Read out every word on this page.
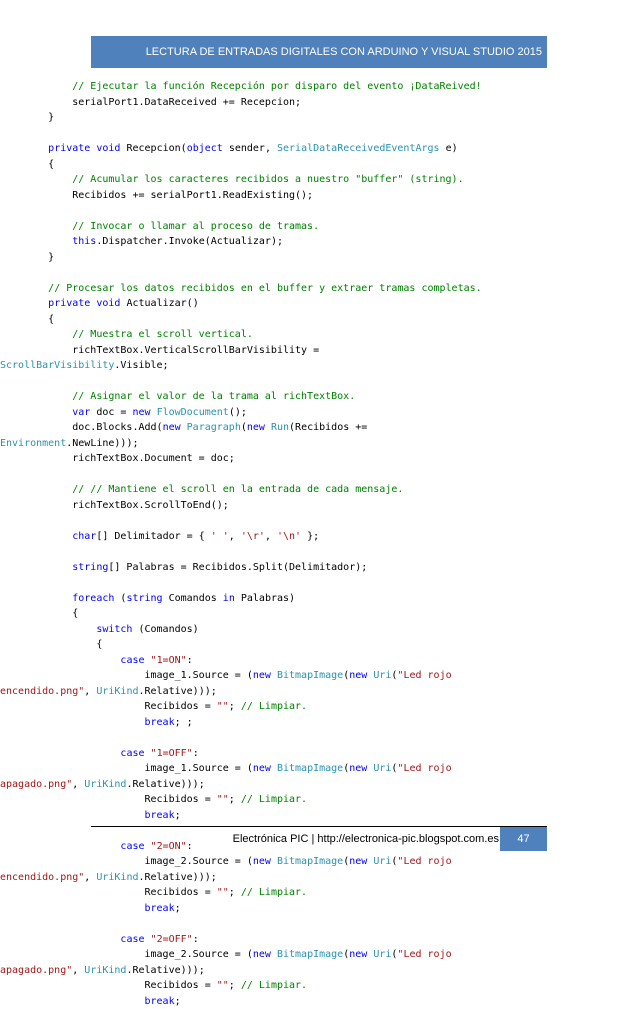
LECTURA DE ENTRADAS DIGITALES CON ARDUINO Y VISUAL STUDIO 2015
// Ejecutar la función Recepción por disparo del evento ¡DataReived!
serialPort1.DataReceived += Recepcion;
}
private void Recepcion(object sender, SerialDataReceivedEventArgs e)
{
// Acumular los caracteres recibidos a nuestro "buffer" (string).
Recibidos += serialPort1.ReadExisting();
// Invocar o llamar al proceso de tramas.
this.Dispatcher.Invoke(Actualizar);
}
// Procesar los datos recibidos en el buffer y extraer tramas completas.
private void Actualizar()
{
// Muestra el scroll vertical.
richTextBox.VerticalScrollBarVisibility =
ScrollBarVisibility.Visible;
// Asignar el valor de la trama al richTextBox.
var doc = new FlowDocument();
doc.Blocks.Add(new Paragraph(new Run(Recibidos +=
Environment.NewLine)));
richTextBox.Document = doc;
// // Mantiene el scroll en la entrada de cada mensaje.
richTextBox.ScrollToEnd();
char[] Delimitador = { ' ', '\r', '\n' };
string[] Palabras = Recibidos.Split(Delimitador);
foreach (string Comandos in Palabras)
{
switch (Comandos)
{
case "1=ON":
image_1.Source = (new BitmapImage(new Uri("Led rojo
encendido.png", UriKind.Relative)));
Recibidos = ""; // Limpiar.
break; ;
case "1=OFF":
image_1.Source = (new BitmapImage(new Uri("Led rojo
apagado.png", UriKind.Relative)));
Recibidos = ""; // Limpiar.
break;
case "2=ON":
image_2.Source = (new BitmapImage(new Uri("Led rojo
encendido.png", UriKind.Relative)));
Recibidos = ""; // Limpiar.
break;
case "2=OFF":
image_2.Source = (new BitmapImage(new Uri("Led rojo
apagado.png", UriKind.Relative)));
Recibidos = ""; // Limpiar.
break;
Electrónica PIC | http://electronica-pic.blogspot.com.es	47
